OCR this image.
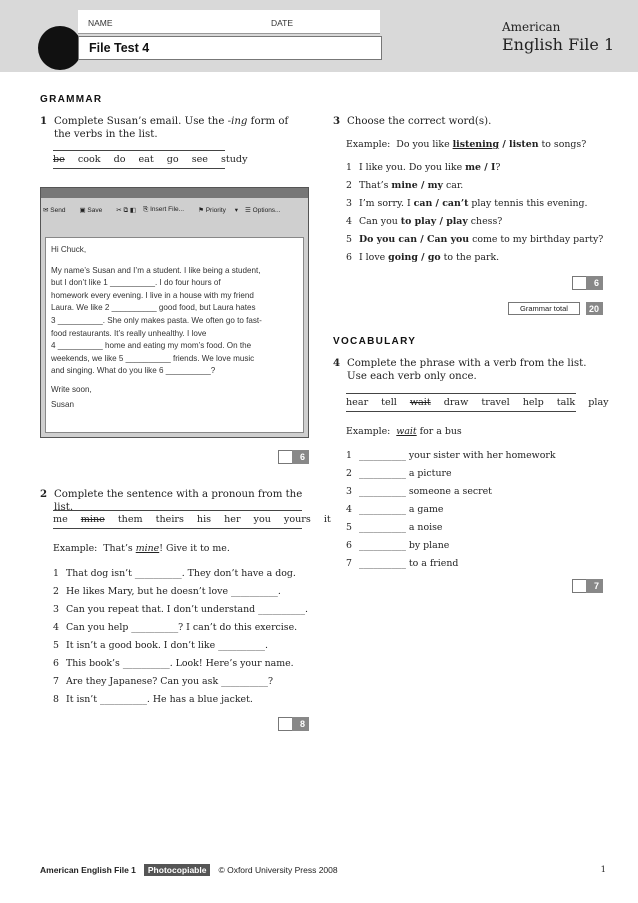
NAME	DATE
File Test 4
American
English File 1
GRAMMAR
1 Complete Susan’s email. Use the -ing form of the verbs in the list.
be cook do eat go see study
✉ Send	▣ Save	✂ ⧉ ◧ ⎘ Insert File...	⚑ Priority ▾ ☰ Options...

Hi Chuck,

My name’s Susan and I’m a student. I like being a student,

but I don’t like 1 __________. I do four hours of

homework every evening. I live in a house with my friend

Laura. We like 2 __________ good food, but Laura hates

3 __________. She only makes pasta. We often go to fast-

food restaurants. It’s really unhealthy. I love

4 __________ home and eating my mom’s food. On the

weekends, we like 5 __________ friends. We love music

and singing. What do you like 6 __________?

Write soon,

Susan

6
2 Complete the sentence with a pronoun from the list.
me mine them theirs his her you yours it
Example: That’s mine! Give it to me.
1 That dog isn’t __________. They don’t have a dog.
2 He likes Mary, but he doesn’t love __________.
3 Can you repeat that. I don’t understand __________.
4 Can you help __________? I can’t do this exercise.
5 It isn’t a good book. I don’t like __________.
6 This book’s __________. Look! Here’s your name.
7 Are they Japanese? Can you ask __________?
8 It isn’t __________. He has a blue jacket.
8
3 Choose the correct word(s).
Example: Do you like listening / listen to songs?
1 I like you. Do you like me / I?
2 That’s mine / my car.
3 I’m sorry. I can / can’t play tennis this evening.
4 Can you to play / play chess?
5 Do you can / Can you come to my birthday party?
6 I love going / go to the park.
6
Grammar total	20
VOCABULARY
4 Complete the phrase with a verb from the list. Use each verb only once.
hear tell wait draw travel help talk play
Example: wait for a bus
1 __________ your sister with her homework
2 __________ a picture
3 __________ someone a secret
4 __________ a game
5 __________ a noise
6 __________ by plane
7 __________ to a friend
7
American English File 1	Photocopiable	© Oxford University Press 2008	1
